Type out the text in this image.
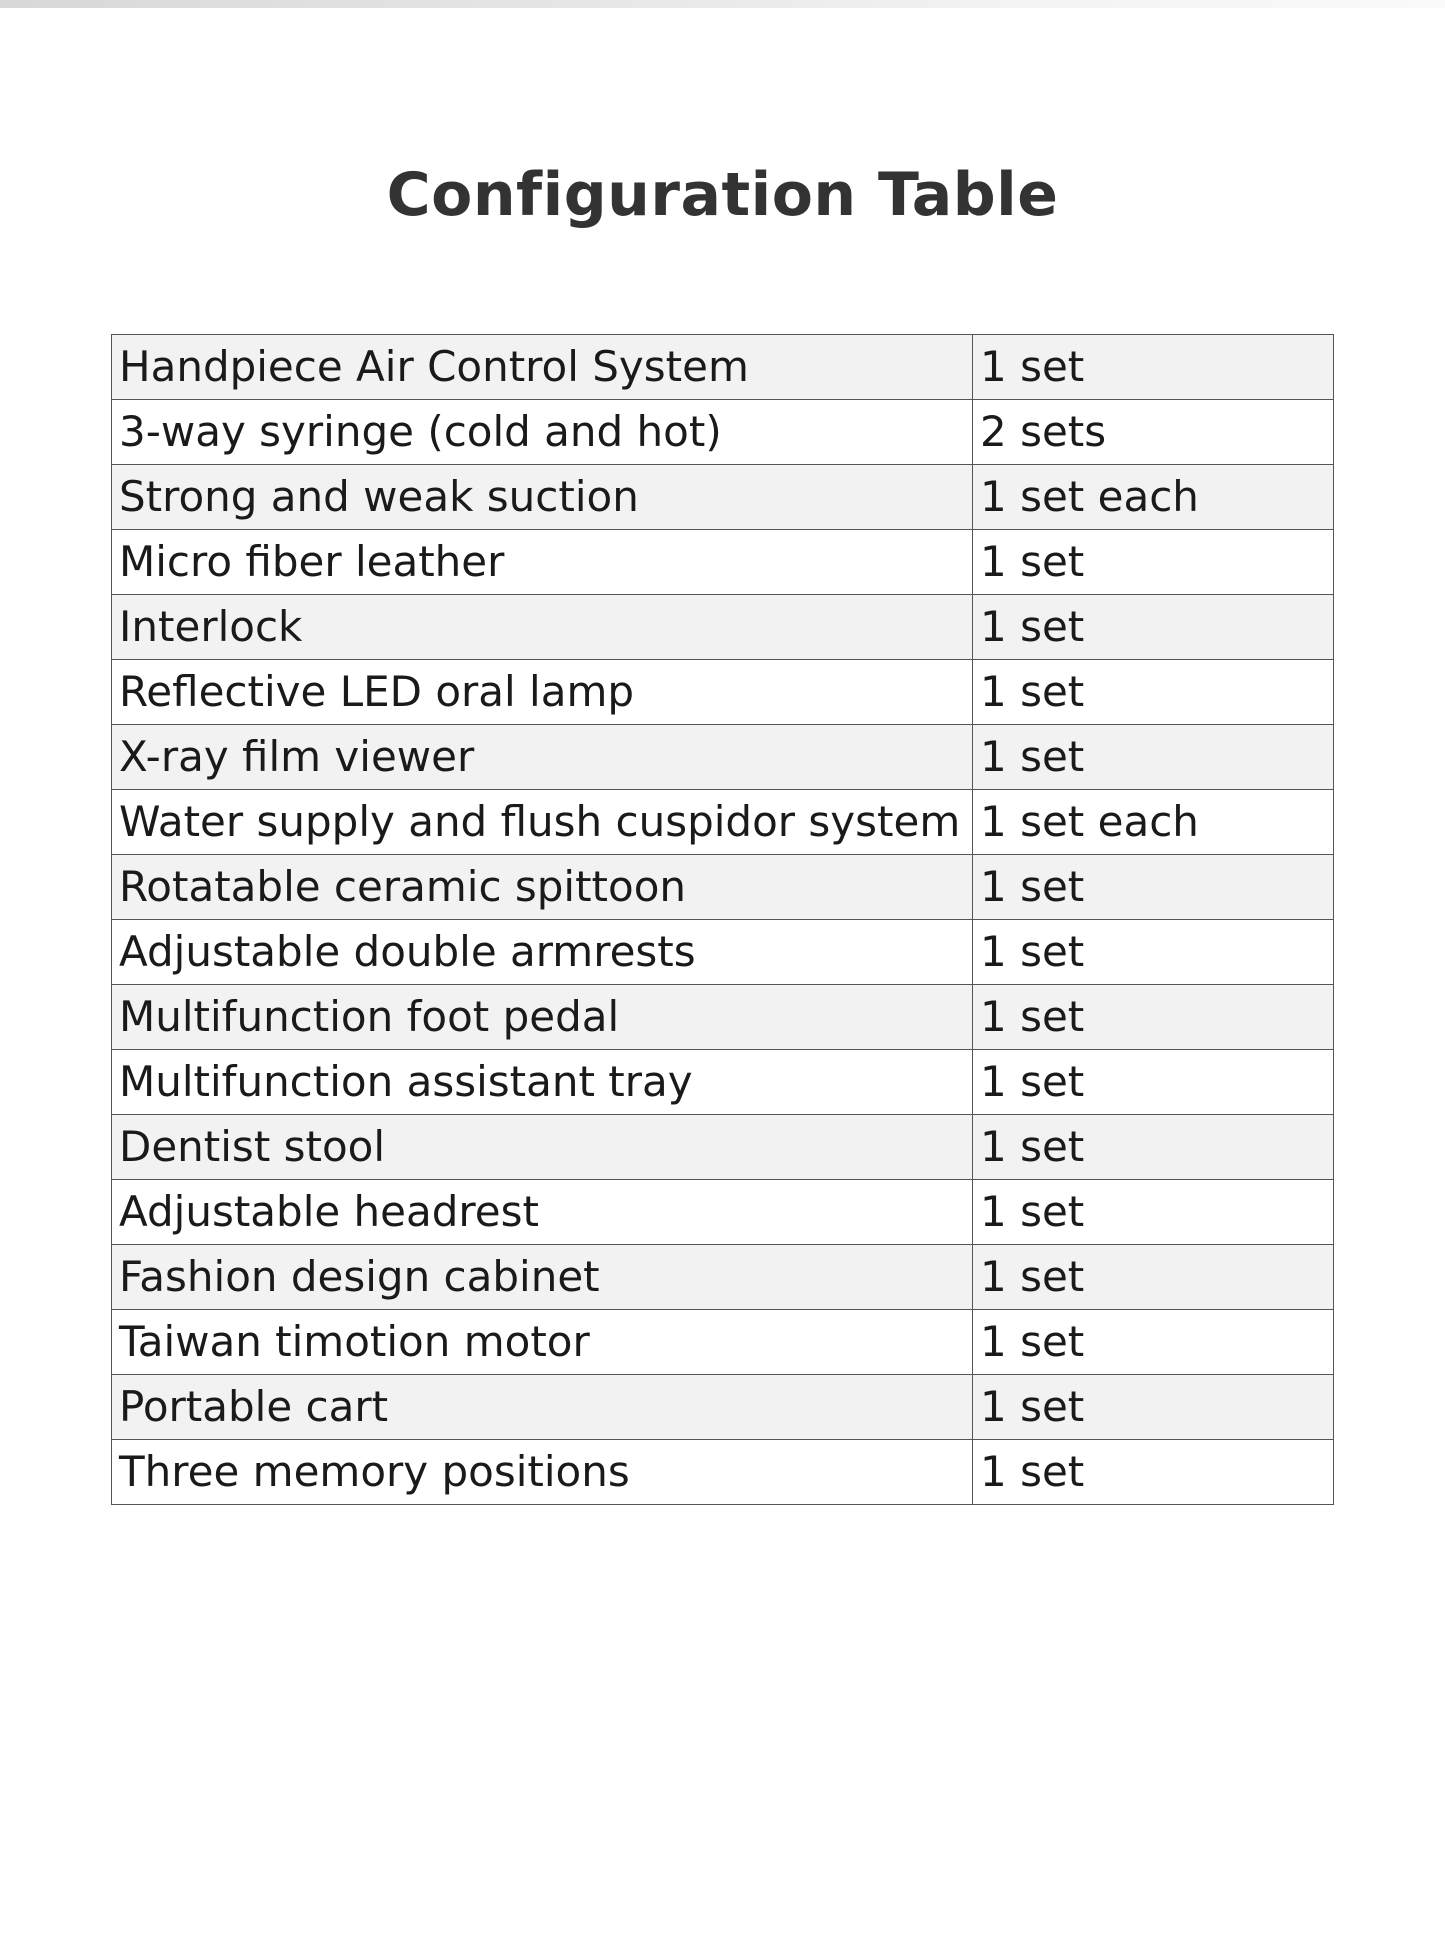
Configuration Table
Handpiece Air Control System	1 set
3-way syringe (cold and hot)	2 sets
Strong and weak suction	1 set each
Micro fiber leather	1 set
Interlock	1 set
Reflective LED oral lamp	1 set
X-ray film viewer	1 set
Water supply and flush cuspidor system	1 set each
Rotatable ceramic spittoon	1 set
Adjustable double armrests	1 set
Multifunction foot pedal	1 set
Multifunction assistant tray	1 set
Dentist stool	1 set
Adjustable headrest	1 set
Fashion design cabinet	1 set
Taiwan timotion motor	1 set
Portable cart	1 set
Three memory positions	1 set
